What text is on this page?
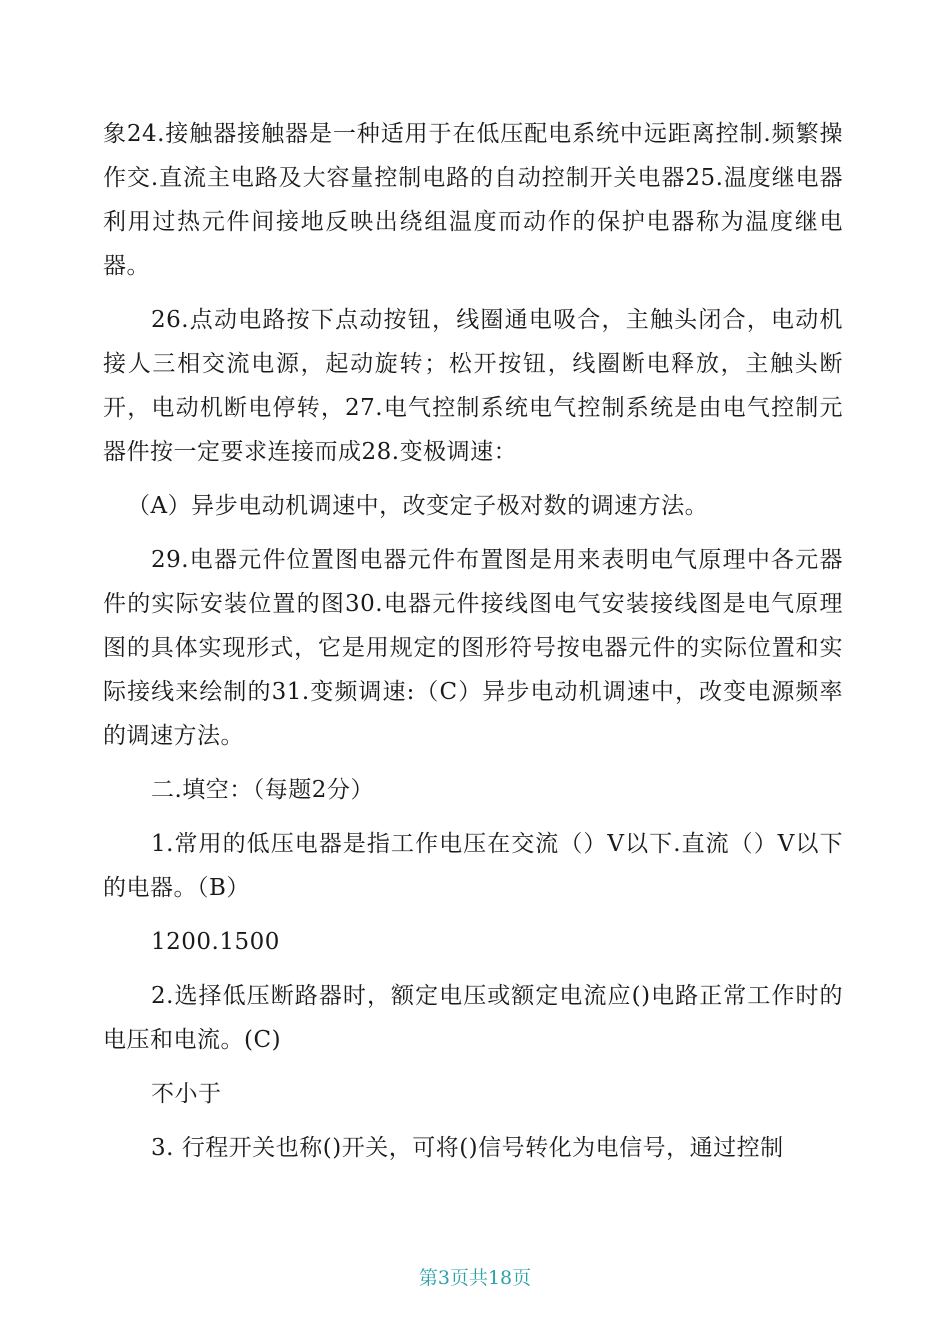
象24.接触器接触器是一种适用于在低压配电系统中远距离控制.频繁操作交.直流主电路及大容量控制电路的自动控制开关电器25.温度继电器利用过热元件间接地反映出绕组温度而动作的保护电器称为温度继电器。

26.点动电路按下点动按钮，线圈通电吸合，主触头闭合，电动机接人三相交流电源，起动旋转；松开按钮，线圈断电释放，主触头断开，电动机断电停转，27.电气控制系统电气控制系统是由电气控制元器件按一定要求连接而成28.变极调速：

（A）异步电动机调速中，改变定子极对数的调速方法。

29.电器元件位置图电器元件布置图是用来表明电气原理中各元器件的实际安装位置的图30.电器元件接线图电气安装接线图是电气原理图的具体实现形式，它是用规定的图形符号按电器元件的实际位置和实际接线来绘制的31.变频调速:（C）异步电动机调速中，改变电源频率的调速方法。

二.填空：（每题2分）

1.常用的低压电器是指工作电压在交流（）V以下.直流（）V以下的电器。（B）

1200.1500

2.选择低压断路器时，额定电压或额定电流应()电路正常工作时的电压和电流。(C)

不小于

3. 行程开关也称()开关，可将()信号转化为电信号，通过控制

第3页共18页
